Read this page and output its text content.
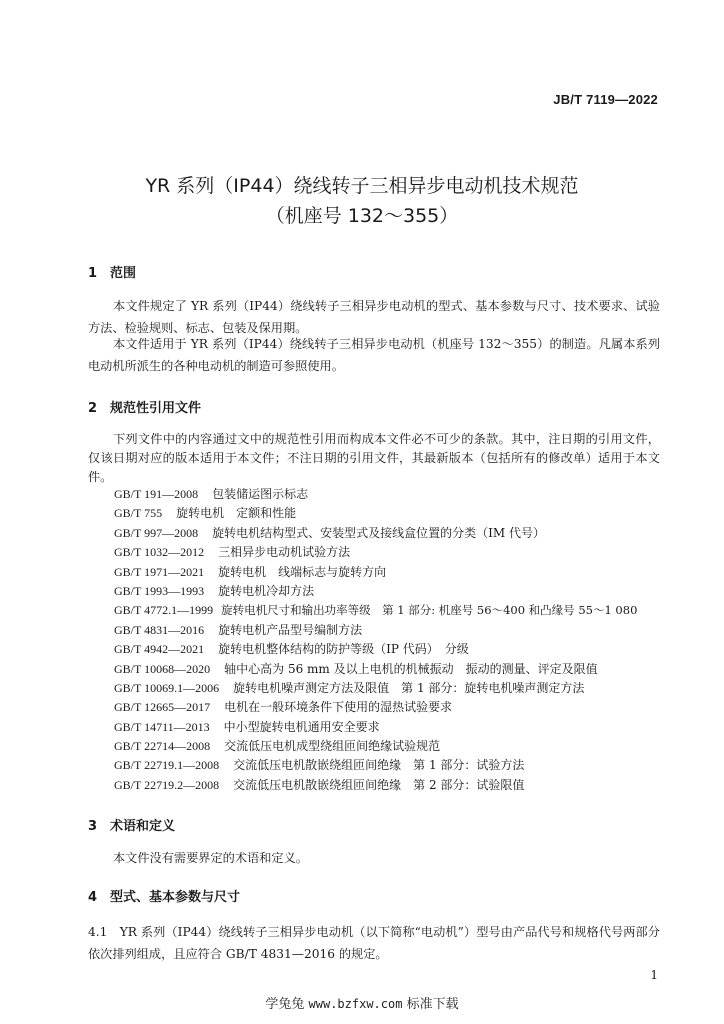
JB/T 7119—2022
YR 系列（IP44）绕线转子三相异步电动机技术规范
（机座号 132～355）
1 范围
本文件规定了 YR 系列（IP44）绕线转子三相异步电动机的型式、基本参数与尺寸、技术要求、试验方法、检验规则、标志、包装及保用期。
本文件适用于 YR 系列（IP44）绕线转子三相异步电动机（机座号 132～355）的制造。凡属本系列电动机所派生的各种电动机的制造可参照使用。
2 规范性引用文件
下列文件中的内容通过文中的规范性引用而构成本文件必不可少的条款。其中，注日期的引用文件，仅该日期对应的版本适用于本文件；不注日期的引用文件，其最新版本（包括所有的修改单）适用于本文件。
GB/T 191—2008 包装储运图示标志
GB/T 755 旋转电机　定额和性能
GB/T 997—2008 旋转电机结构型式、安装型式及接线盒位置的分类（IM 代号）
GB/T 1032—2012 三相异步电动机试验方法
GB/T 1971—2021 旋转电机　线端标志与旋转方向
GB/T 1993—1993 旋转电机冷却方法
GB/T 4772.1—1999 旋转电机尺寸和输出功率等级　第 1 部分: 机座号 56～400 和凸缘号 55～1 080
GB/T 4831—2016 旋转电机产品型号编制方法
GB/T 4942—2021 旋转电机整体结构的防护等级（IP 代码）　分级
GB/T 10068—2020 轴中心高为 56 mm 及以上电机的机械振动　振动的测量、评定及限值
GB/T 10069.1—2006 旋转电机噪声测定方法及限值　第 1 部分：旋转电机噪声测定方法
GB/T 12665—2017 电机在一般环境条件下使用的湿热试验要求
GB/T 14711—2013 中小型旋转电机通用安全要求
GB/T 22714—2008 交流低压电机成型绕组匝间绝缘试验规范
GB/T 22719.1—2008 交流低压电机散嵌绕组匝间绝缘　第 1 部分：试验方法
GB/T 22719.2—2008 交流低压电机散嵌绕组匝间绝缘　第 2 部分：试验限值
3 术语和定义
本文件没有需要界定的术语和定义。
4 型式、基本参数与尺寸
4.1　YR 系列（IP44）绕线转子三相异步电动机（以下简称“电动机”）型号由产品代号和规格代号两部分依次排列组成，且应符合 GB/T 4831—2016 的规定。
1
学兔兔 www.bzfxw.com 标准下载
